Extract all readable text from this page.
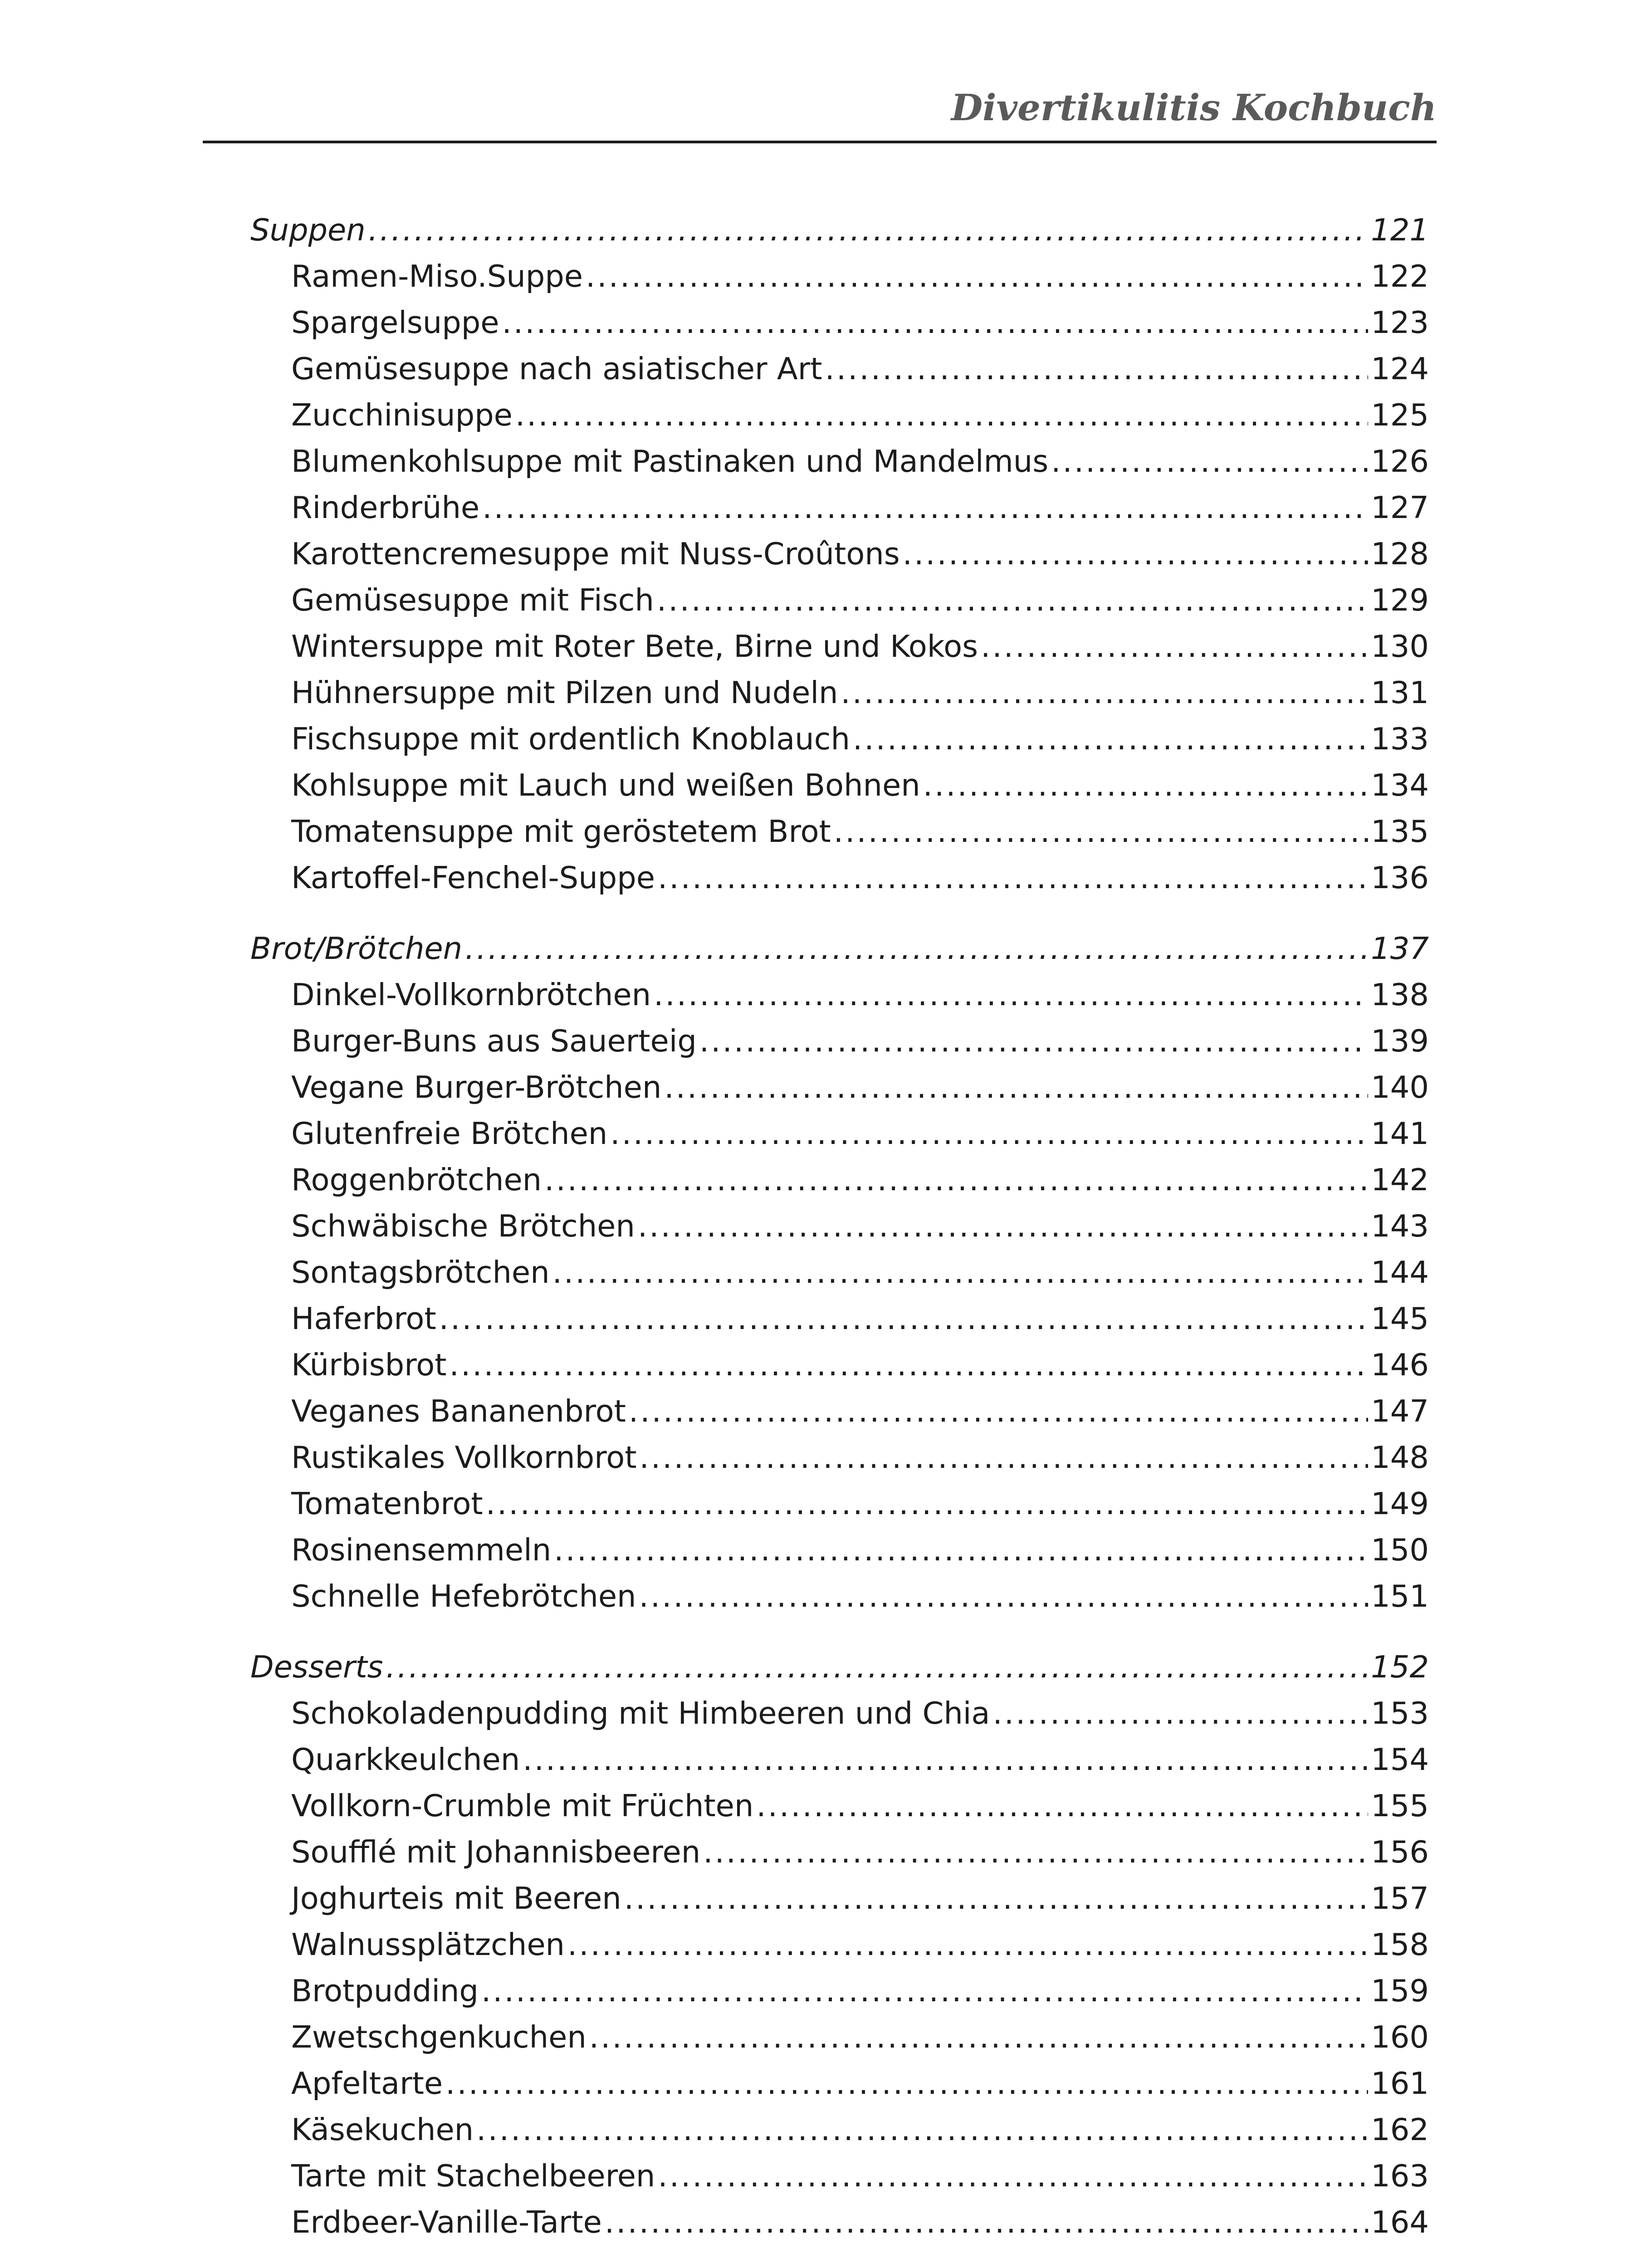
Divertikulitis Kochbuch
Suppen .....	121
Ramen-Miso.Suppe .....	122
Spargelsuppe .....	123
Gemüsesuppe nach asiatischer Art .....	124
Zucchinisuppe .....	125
Blumenkohlsuppe mit Pastinaken und Mandelmus .....	126
Rinderbrühe .....	127
Karottencremesuppe mit Nuss-Croûtons .....	128
Gemüsesuppe mit Fisch .....	129
Wintersuppe mit Roter Bete, Birne und Kokos .....	130
Hühnersuppe mit Pilzen und Nudeln .....	131
Fischsuppe mit ordentlich Knoblauch .....	133
Kohlsuppe mit Lauch und weißen Bohnen .....	134
Tomatensuppe mit geröstetem Brot .....	135
Kartoffel-Fenchel-Suppe .....	136
Brot/Brötchen .....	137
Dinkel-Vollkornbrötchen .....	138
Burger-Buns aus Sauerteig .....	139
Vegane Burger-Brötchen .....	140
Glutenfreie Brötchen .....	141
Roggenbrötchen .....	142
Schwäbische Brötchen .....	143
Sontagsbrötchen .....	144
Haferbrot .....	145
Kürbisbrot .....	146
Veganes Bananenbrot .....	147
Rustikales Vollkornbrot .....	148
Tomatenbrot .....	149
Rosinensemmeln .....	150
Schnelle Hefebrötchen .....	151
Desserts .....	152
Schokoladenpudding mit Himbeeren und Chia .....	153
Quarkkeulchen .....	154
Vollkorn-Crumble mit Früchten .....	155
Soufflé mit Johannisbeeren .....	156
Joghurteis mit Beeren .....	157
Walnussplätzchen .....	158
Brotpudding .....	159
Zwetschgenkuchen .....	160
Apfeltarte .....	161
Käsekuchen .....	162
Tarte mit Stachelbeeren .....	163
Erdbeer-Vanille-Tarte .....	164
